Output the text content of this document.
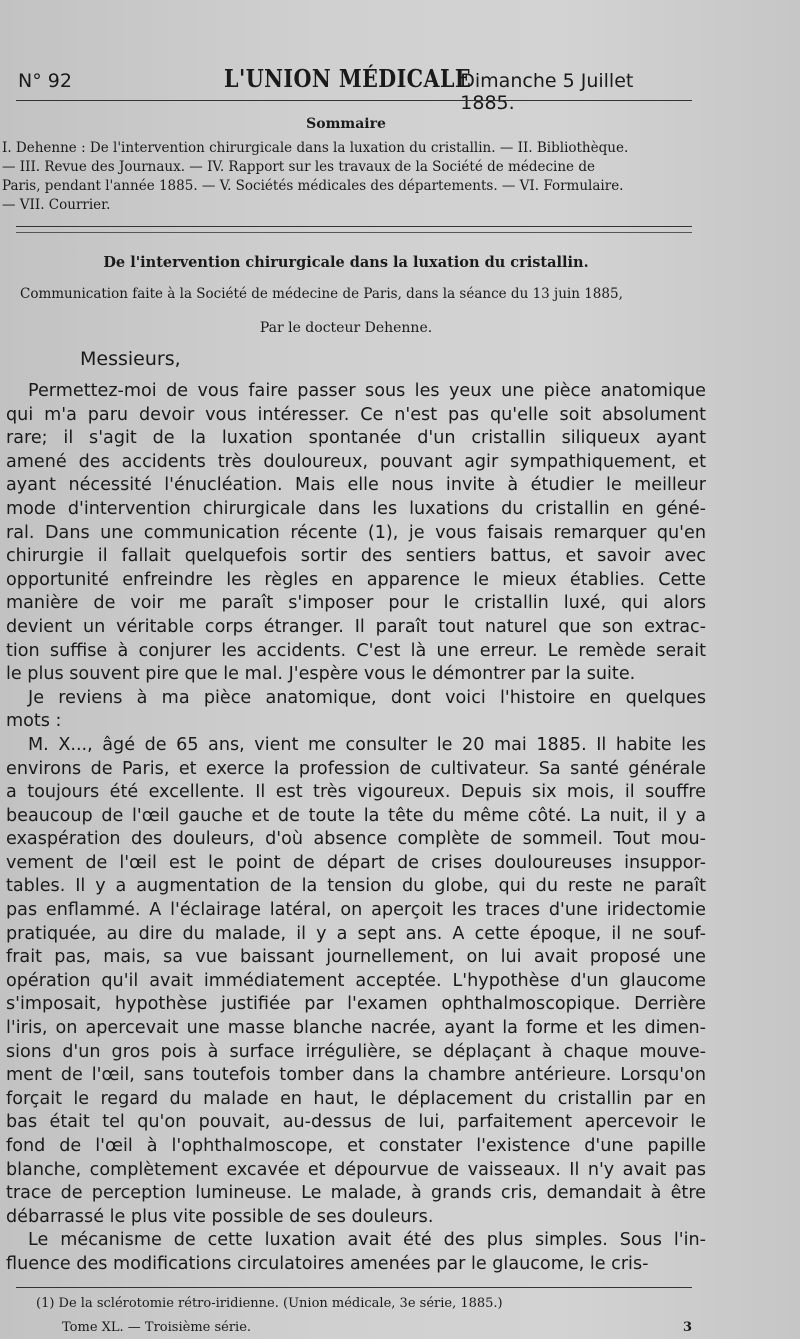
N° 92	L'UNION MÉDICALE
Dimanche 5 Juillet 1885.
Sommaire

I. Dehenne : De l'intervention chirurgicale dans la luxation du cristallin. — II. Bibliothèque.

— III. Revue des Journaux. — IV. Rapport sur les travaux de la Société de médecine de

Paris, pendant l'année 1885. — V. Sociétés médicales des départements. — VI. Formulaire.

— VII. Courrier.

De l'intervention chirurgicale dans la luxation du cristallin.
Communication faite à la Société de médecine de Paris, dans la séance du 13 juin 1885,
Par le docteur Dehenne.
Messieurs,
Permettez-moi de vous faire passer sous les yeux une pièce anatomique
qui m'a paru devoir vous intéresser. Ce n'est pas qu'elle soit absolument
rare; il s'agit de la luxation spontanée d'un cristallin siliqueux ayant
amené des accidents très douloureux, pouvant agir sympathiquement, et
ayant nécessité l'énucléation. Mais elle nous invite à étudier le meilleur
mode d'intervention chirurgicale dans les luxations du cristallin en géné-
ral. Dans une communication récente (1), je vous faisais remarquer qu'en
chirurgie il fallait quelquefois sortir des sentiers battus, et savoir avec
opportunité enfreindre les règles en apparence le mieux établies. Cette
manière de voir me paraît s'imposer pour le cristallin luxé, qui alors
devient un véritable corps étranger. Il paraît tout naturel que son extrac-
tion suffise à conjurer les accidents. C'est là une erreur. Le remède serait
le plus souvent pire que le mal. J'espère vous le démontrer par la suite.
Je reviens à ma pièce anatomique, dont voici l'histoire en quelques
mots :
M. X..., âgé de 65 ans, vient me consulter le 20 mai 1885. Il habite les
environs de Paris, et exerce la profession de cultivateur. Sa santé générale
a toujours été excellente. Il est très vigoureux. Depuis six mois, il souffre
beaucoup de l'œil gauche et de toute la tête du même côté. La nuit, il y a
exaspération des douleurs, d'où absence complète de sommeil. Tout mou-
vement de l'œil est le point de départ de crises douloureuses insuppor-
tables. Il y a augmentation de la tension du globe, qui du reste ne paraît
pas enflammé. A l'éclairage latéral, on aperçoit les traces d'une iridectomie
pratiquée, au dire du malade, il y a sept ans. A cette époque, il ne souf-
frait pas, mais, sa vue baissant journellement, on lui avait proposé une
opération qu'il avait immédiatement acceptée. L'hypothèse d'un glaucome
s'imposait, hypothèse justifiée par l'examen ophthalmoscopique. Derrière
l'iris, on apercevait une masse blanche nacrée, ayant la forme et les dimen-
sions d'un gros pois à surface irrégulière, se déplaçant à chaque mouve-
ment de l'œil, sans toutefois tomber dans la chambre antérieure. Lorsqu'on
forçait le regard du malade en haut, le déplacement du cristallin par en
bas était tel qu'on pouvait, au-dessus de lui, parfaitement apercevoir le
fond de l'œil à l'ophthalmoscope, et constater l'existence d'une papille
blanche, complètement excavée et dépourvue de vaisseaux. Il n'y avait pas
trace de perception lumineuse. Le malade, à grands cris, demandait à être
débarrassé le plus vite possible de ses douleurs.
Le mécanisme de cette luxation avait été des plus simples. Sous l'in-
fluence des modifications circulatoires amenées par le glaucome, le cris-
(1) De la sclérotomie rétro-iridienne. (Union médicale, 3e série, 1885.)
Tome XL. — Troisième série.	3
